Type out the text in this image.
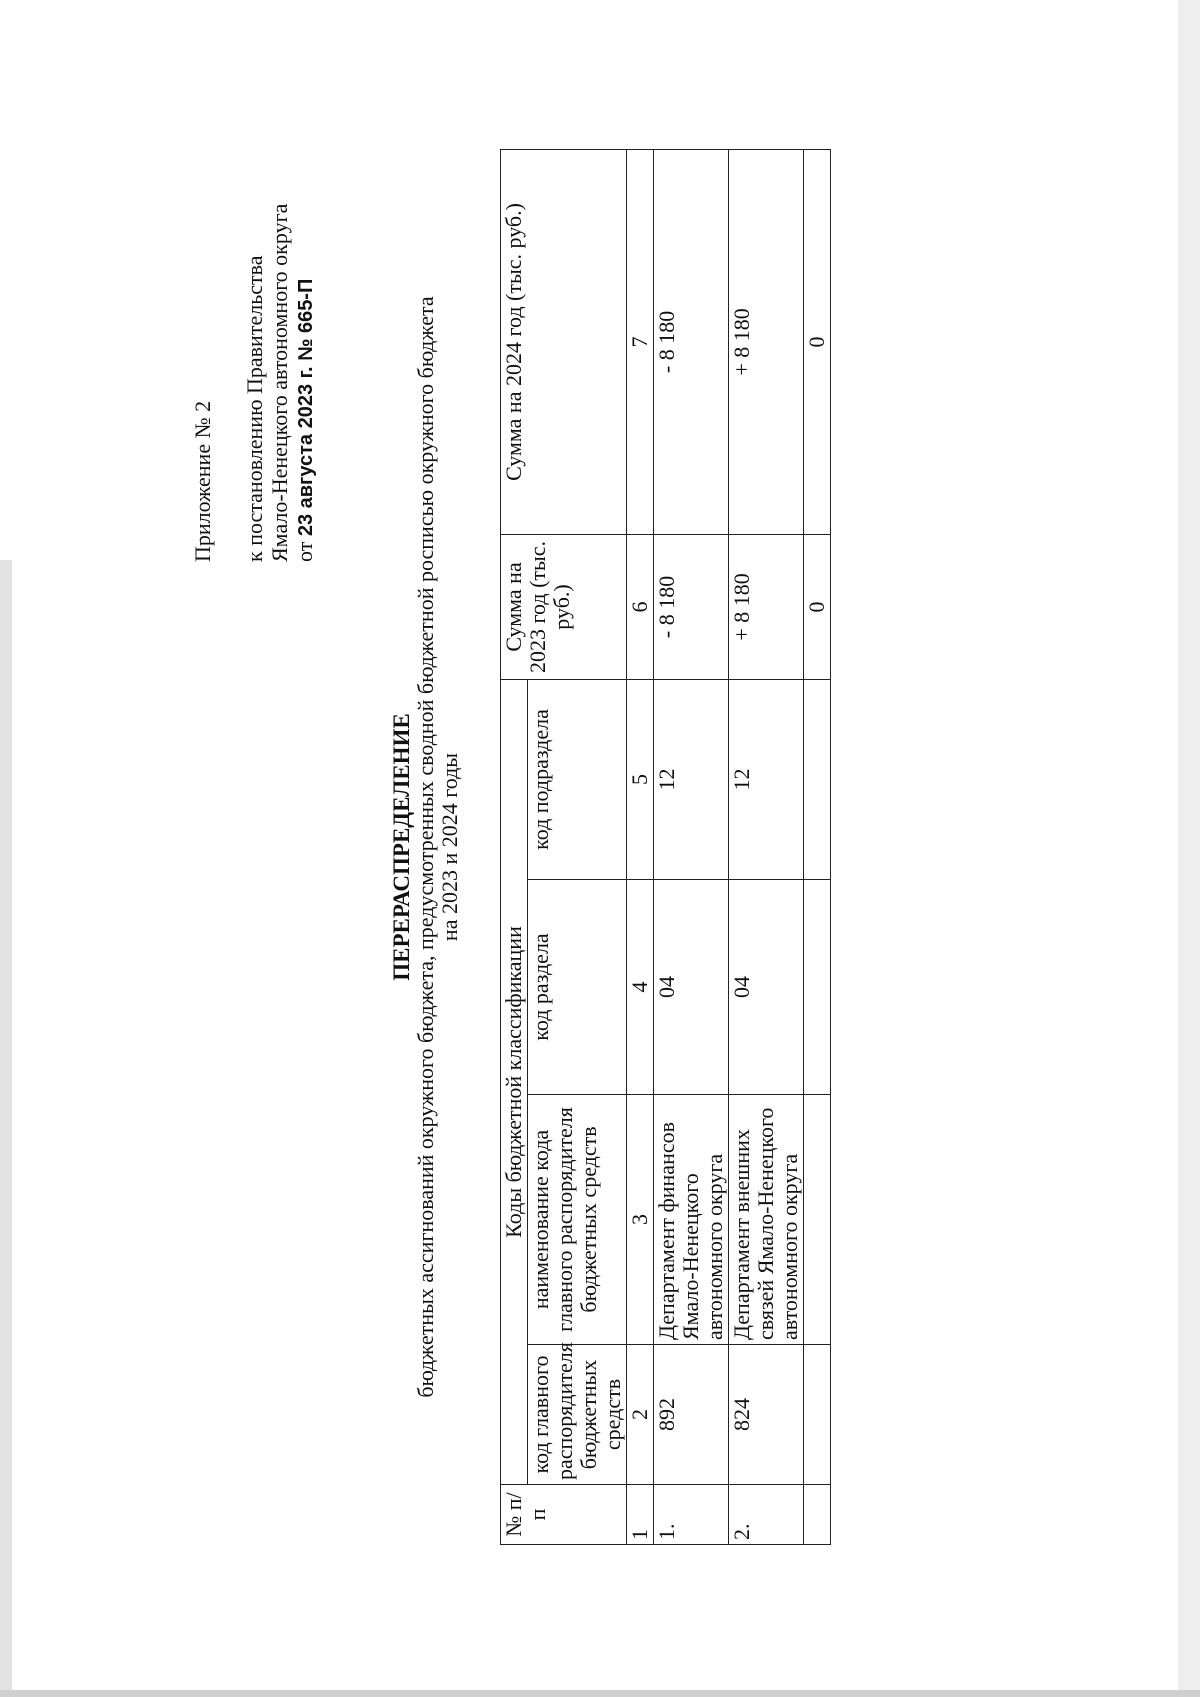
Приложение № 2 к постановлению Правительства Ямало-Ненецкого автономного округа от 23 августа 2023 г. № 665-П
ПЕРЕРАСПРЕДЕЛЕНИЕ бюджетных ассигнований окружного бюджета, предусмотренных сводной бюджетной росписью окружного бюджета на 2023 и 2024 годы
№ п/п	Коды бюджетной классификации				Сумма на 2023 год (тыс. руб.)	Сумма на 2024 год (тыс. руб.)
	код главного распорядителя бюджетных средств	наименование кода главного распорядителя бюджетных средств	код раздела	код подраздела		
1	2	3	4	5	6	7
1.	892	Департамент финансов Ямало-Ненецкого автономного округа	04	12	- 8 180	- 8 180
2.	824	Департамент внешних связей Ямало-Ненецкого автономного округа	04	12	+ 8 180	+ 8 180
					0	0
